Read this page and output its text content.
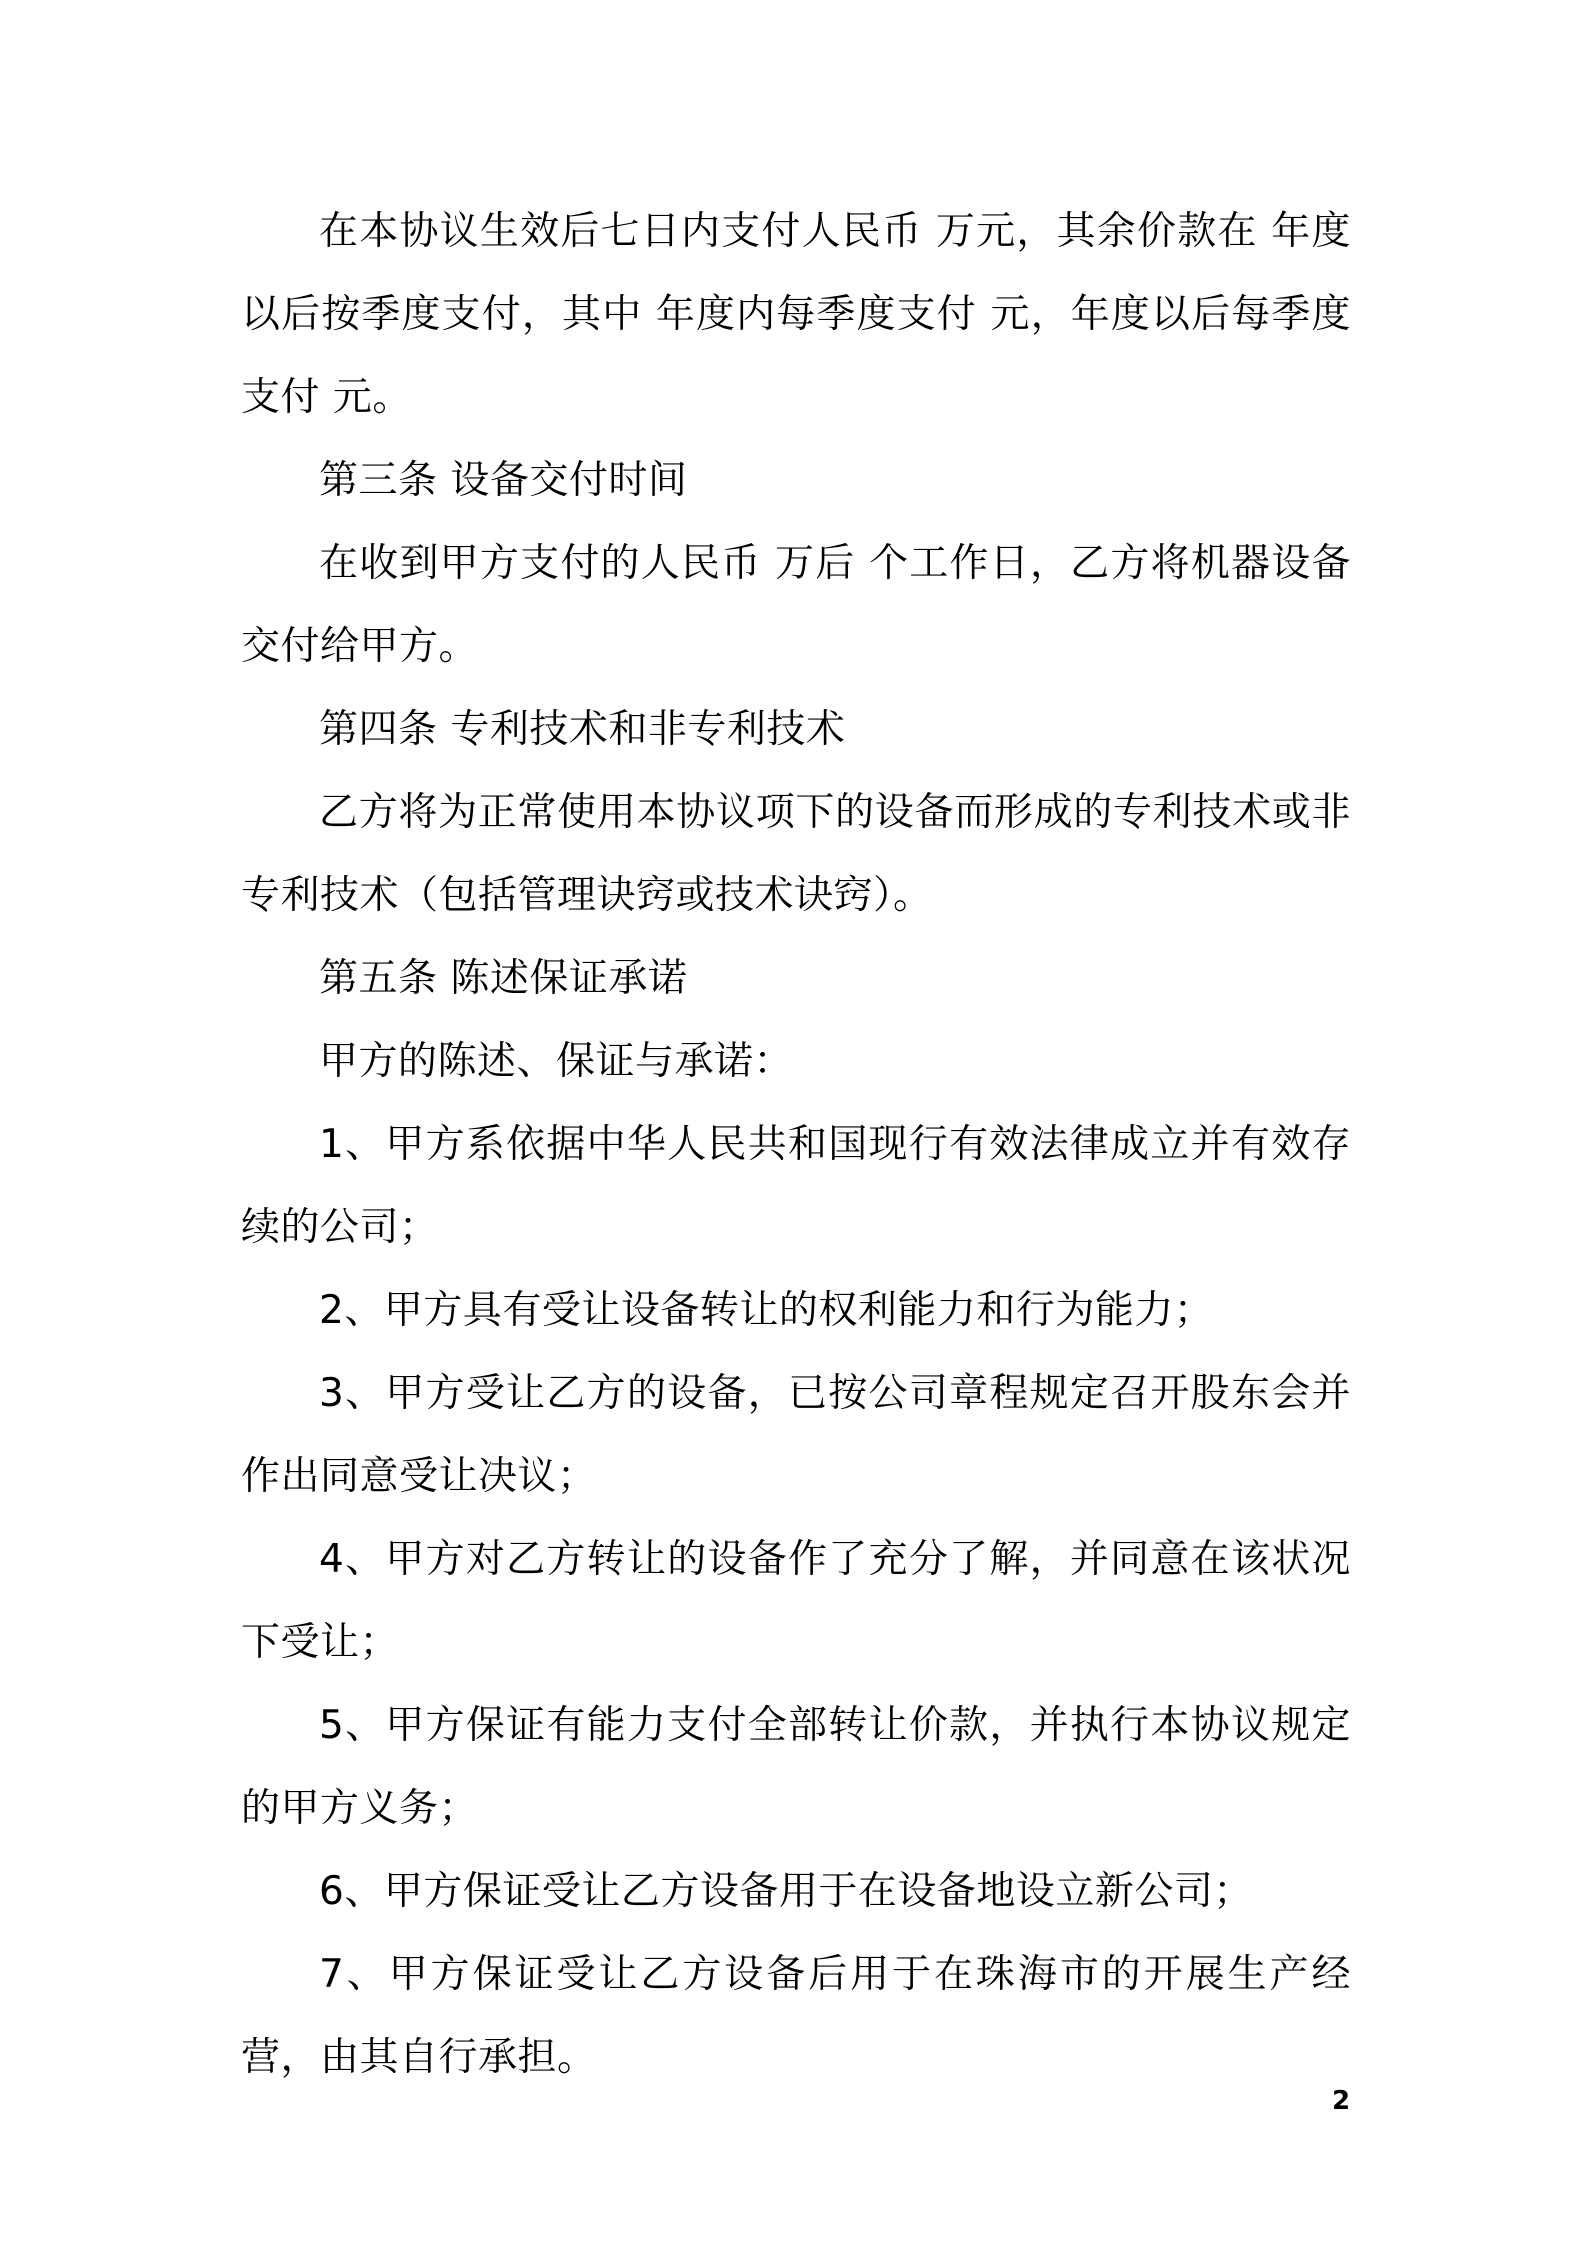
在本协议生效后七日内支付人民币 万元，其余价款在 年度以后按季度支付，其中 年度内每季度支付 元，年度以后每季度支付 元。

第三条 设备交付时间

在收到甲方支付的人民币 万后 个工作日，乙方将机器设备交付给甲方。

第四条 专利技术和非专利技术

乙方将为正常使用本协议项下的设备而形成的专利技术或非专利技术（包括管理诀窍或技术诀窍）。

第五条 陈述保证承诺

甲方的陈述、保证与承诺：

1、甲方系依据中华人民共和国现行有效法律成立并有效存续的公司；

2、甲方具有受让设备转让的权利能力和行为能力；

3、甲方受让乙方的设备，已按公司章程规定召开股东会并作出同意受让决议；

4、甲方对乙方转让的设备作了充分了解，并同意在该状况下受让；

5、甲方保证有能力支付全部转让价款，并执行本协议规定的甲方义务；

6、甲方保证受让乙方设备用于在设备地设立新公司；

7、甲方保证受让乙方设备后用于在珠海市的开展生产经营，由其自行承担。

2
